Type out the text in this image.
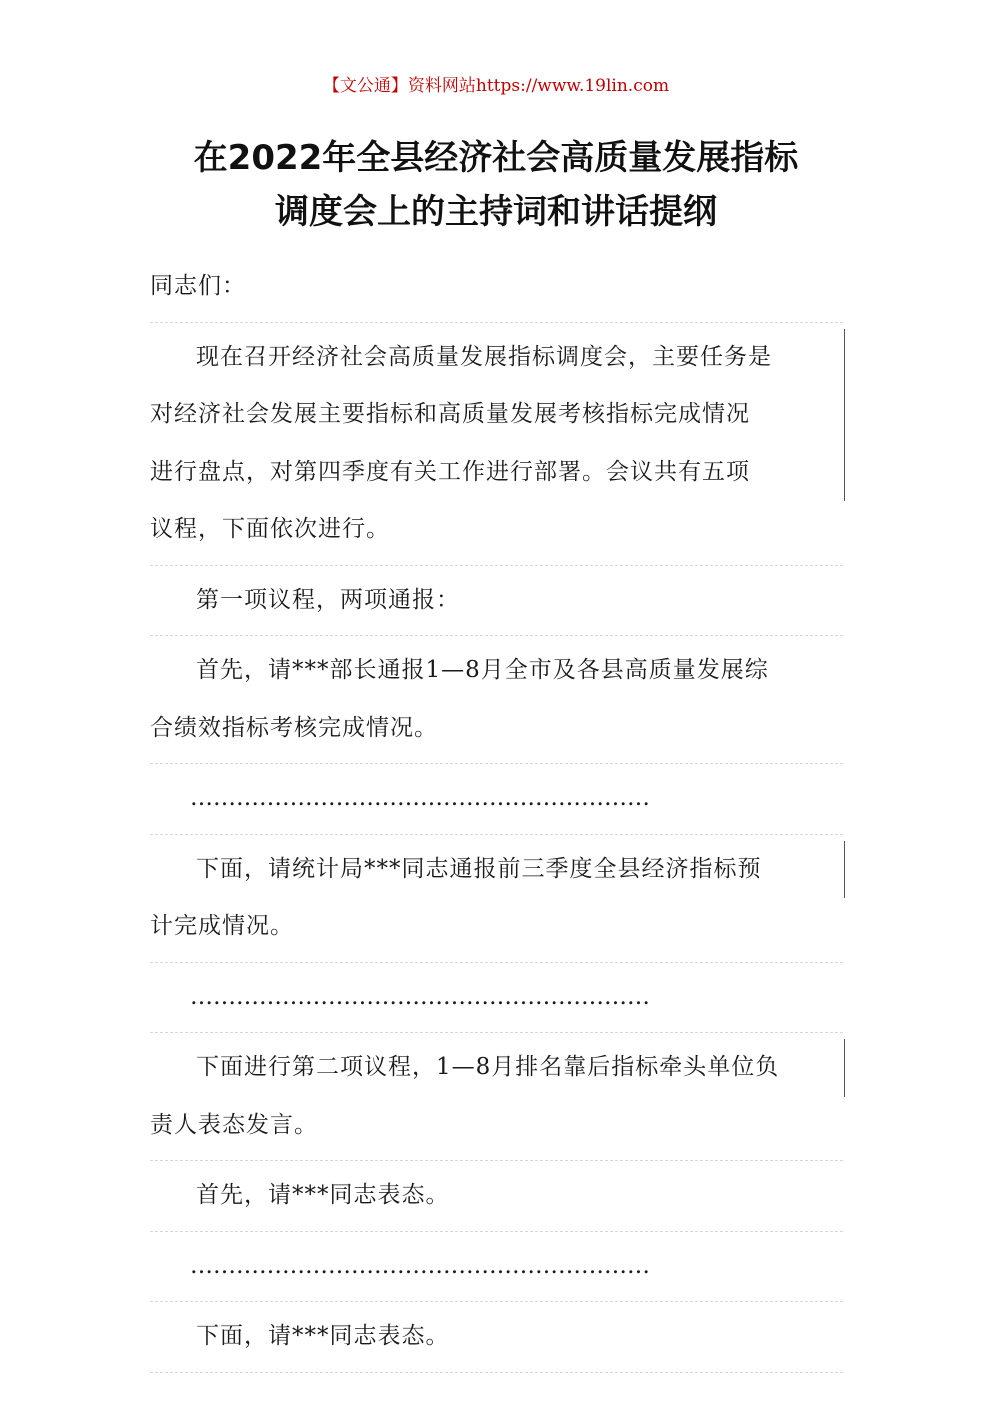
【文公通】资料网站https://www.19lin.com
在2022年全县经济社会高质量发展指标
调度会上的主持词和讲话提纲
同志们：
现在召开经济社会高质量发展指标调度会，主要任务是
对经济社会发展主要指标和高质量发展考核指标完成情况
进行盘点，对第四季度有关工作进行部署。会议共有五项
议程，下面依次进行。
第一项议程，两项通报：
首先，请***部长通报1—8月全市及各县高质量发展综
合绩效指标考核完成情况。
……………………………………………………
下面，请统计局***同志通报前三季度全县经济指标预
计完成情况。
……………………………………………………
下面进行第二项议程，1—8月排名靠后指标牵头单位负
责人表态发言。
首先，请***同志表态。
……………………………………………………
下面，请***同志表态。
